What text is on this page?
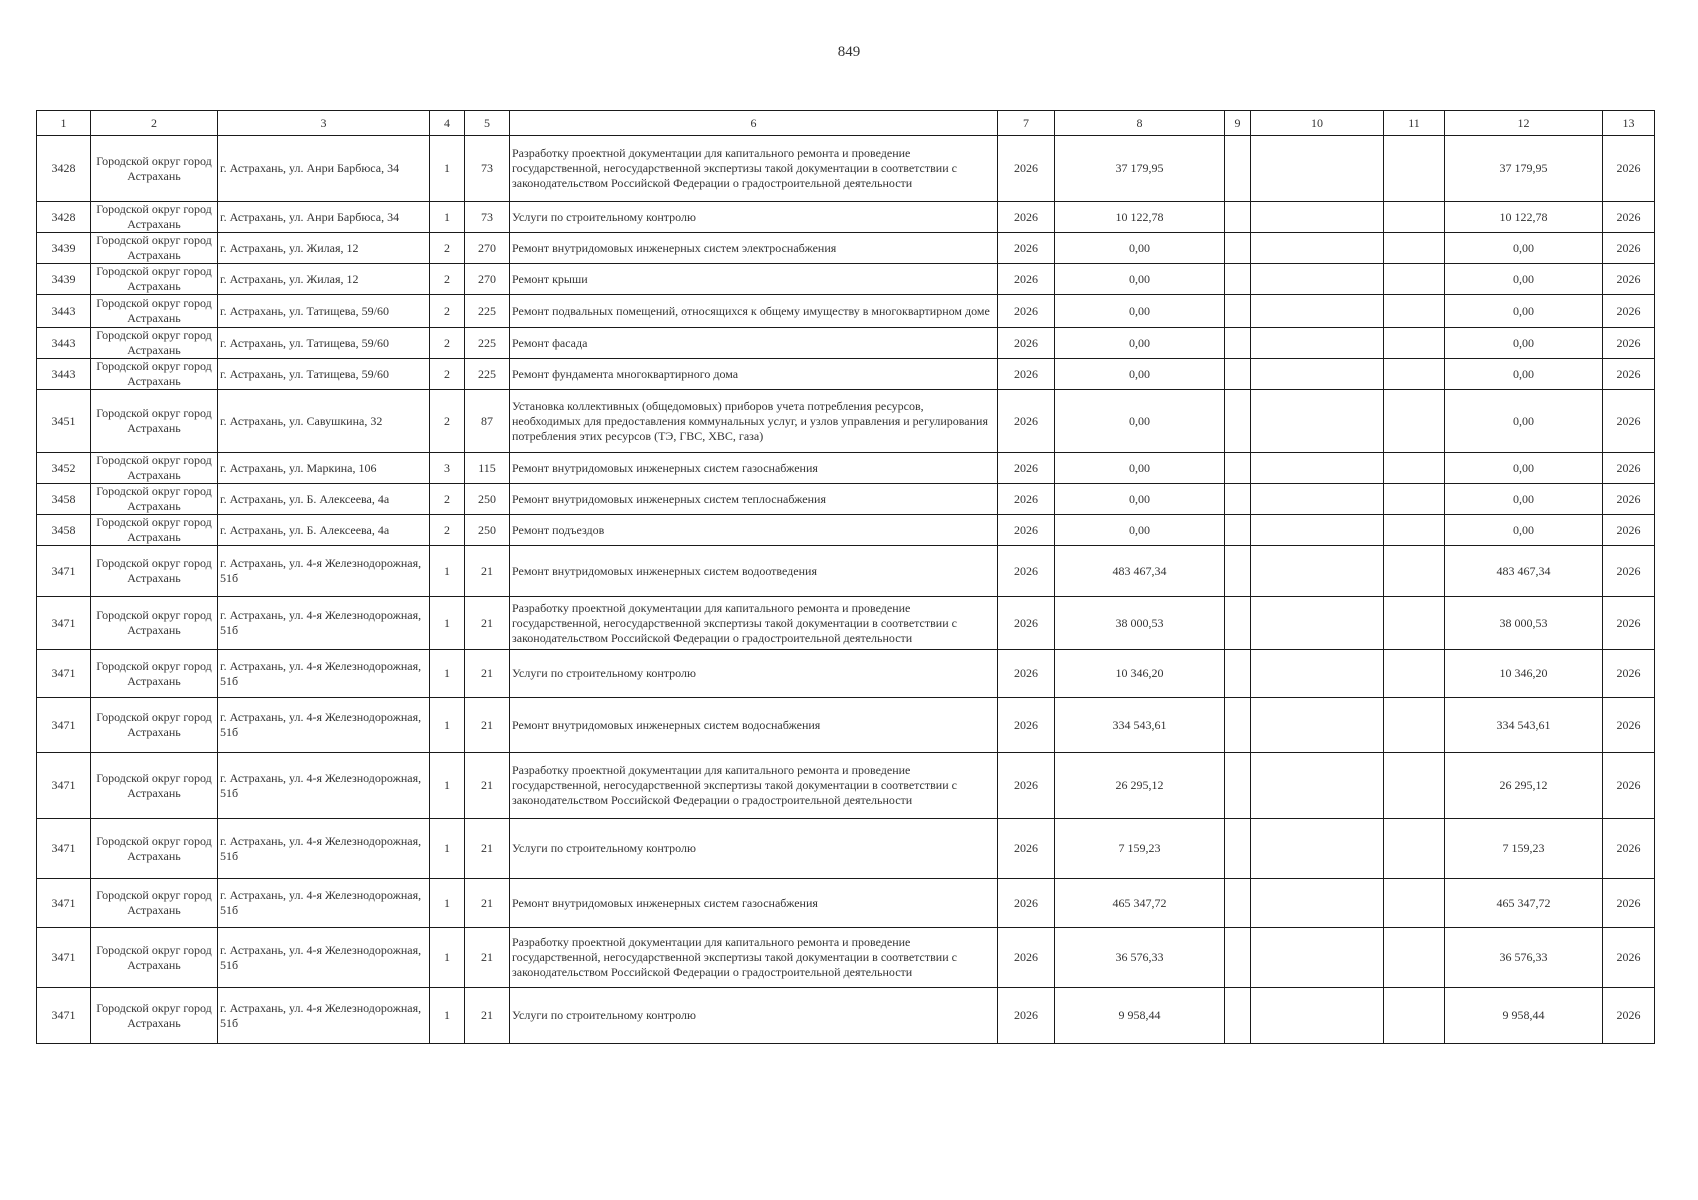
849
1	2	3	4	5	6	7	8	9	10	11	12	13
3428	Городской округ город Астрахань	г. Астрахань, ул. Анри Барбюса, 34	1	73	Разработку проектной документации для капитального ремонта и проведение государственной, негосударственной экспертизы такой документации в соответствии с законодательством Российской Федерации о градостроительной деятельности	2026	37 179,95				37 179,95	2026
3428	Городской округ город Астрахань	г. Астрахань, ул. Анри Барбюса, 34	1	73	Услуги по строительному контролю	2026	10 122,78				10 122,78	2026
3439	Городской округ город Астрахань	г. Астрахань, ул. Жилая, 12	2	270	Ремонт внутридомовых инженерных систем электроснабжения	2026	0,00				0,00	2026
3439	Городской округ город Астрахань	г. Астрахань, ул. Жилая, 12	2	270	Ремонт крыши	2026	0,00				0,00	2026
3443	Городской округ город Астрахань	г. Астрахань, ул. Татищева, 59/60	2	225	Ремонт подвальных помещений, относящихся к общему имуществу в многоквартирном доме	2026	0,00				0,00	2026
3443	Городской округ город Астрахань	г. Астрахань, ул. Татищева, 59/60	2	225	Ремонт фасада	2026	0,00				0,00	2026
3443	Городской округ город Астрахань	г. Астрахань, ул. Татищева, 59/60	2	225	Ремонт фундамента многоквартирного дома	2026	0,00				0,00	2026
3451	Городской округ город Астрахань	г. Астрахань, ул. Савушкина, 32	2	87	Установка коллективных (общедомовых) приборов учета потребления ресурсов, необходимых для предоставления коммунальных услуг, и узлов управления и регулирования потребления этих ресурсов (ТЭ, ГВС, ХВС, газа)	2026	0,00				0,00	2026
3452	Городской округ город Астрахань	г. Астрахань, ул. Маркина, 106	3	115	Ремонт внутридомовых инженерных систем газоснабжения	2026	0,00				0,00	2026
3458	Городской округ город Астрахань	г. Астрахань, ул. Б. Алексеева, 4а	2	250	Ремонт внутридомовых инженерных систем теплоснабжения	2026	0,00				0,00	2026
3458	Городской округ город Астрахань	г. Астрахань, ул. Б. Алексеева, 4а	2	250	Ремонт подъездов	2026	0,00				0,00	2026
3471	Городской округ город Астрахань	г. Астрахань, ул. 4-я Железнодорожная, 51б	1	21	Ремонт внутридомовых инженерных систем водоотведения	2026	483 467,34				483 467,34	2026
3471	Городской округ город Астрахань	г. Астрахань, ул. 4-я Железнодорожная, 51б	1	21	Разработку проектной документации для капитального ремонта и проведение государственной, негосударственной экспертизы такой документации в соответствии с законодательством Российской Федерации о градостроительной деятельности	2026	38 000,53				38 000,53	2026
3471	Городской округ город Астрахань	г. Астрахань, ул. 4-я Железнодорожная, 51б	1	21	Услуги по строительному контролю	2026	10 346,20				10 346,20	2026
3471	Городской округ город Астрахань	г. Астрахань, ул. 4-я Железнодорожная, 51б	1	21	Ремонт внутридомовых инженерных систем водоснабжения	2026	334 543,61				334 543,61	2026
3471	Городской округ город Астрахань	г. Астрахань, ул. 4-я Железнодорожная, 51б	1	21	Разработку проектной документации для капитального ремонта и проведение государственной, негосударственной экспертизы такой документации в соответствии с законодательством Российской Федерации о градостроительной деятельности	2026	26 295,12				26 295,12	2026
3471	Городской округ город Астрахань	г. Астрахань, ул. 4-я Железнодорожная, 51б	1	21	Услуги по строительному контролю	2026	7 159,23				7 159,23	2026
3471	Городской округ город Астрахань	г. Астрахань, ул. 4-я Железнодорожная, 51б	1	21	Ремонт внутридомовых инженерных систем газоснабжения	2026	465 347,72				465 347,72	2026
3471	Городской округ город Астрахань	г. Астрахань, ул. 4-я Железнодорожная, 51б	1	21	Разработку проектной документации для капитального ремонта и проведение государственной, негосударственной экспертизы такой документации в соответствии с законодательством Российской Федерации о градостроительной деятельности	2026	36 576,33				36 576,33	2026
3471	Городской округ город Астрахань	г. Астрахань, ул. 4-я Железнодорожная, 51б	1	21	Услуги по строительному контролю	2026	9 958,44				9 958,44	2026
